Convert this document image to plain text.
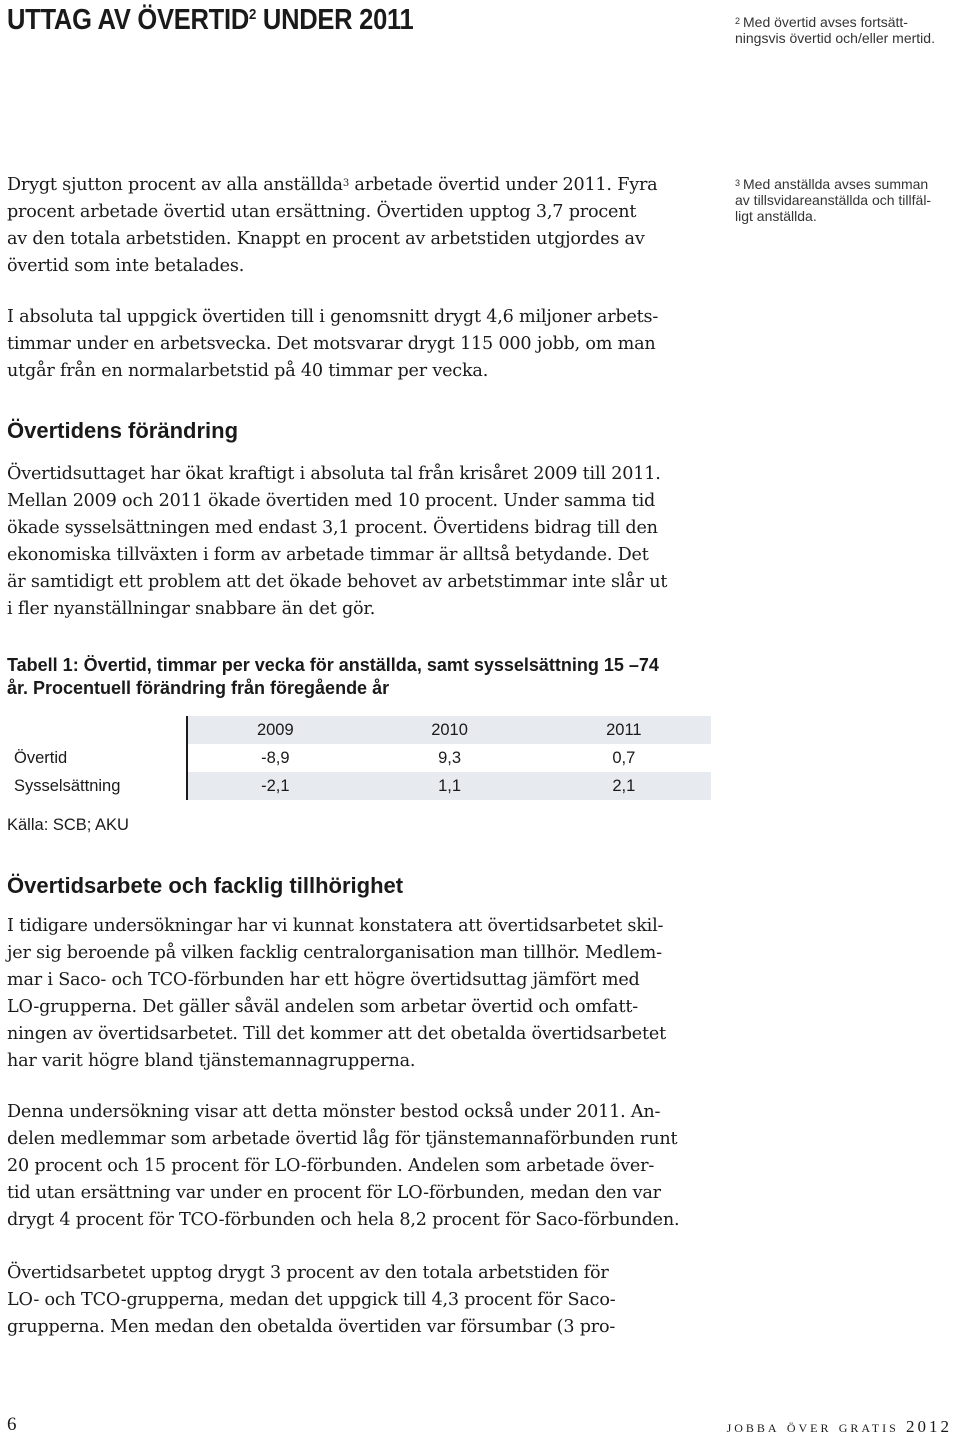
UTTAG AV ÖVERTID$^2$ UNDER 2011	$^2$ Med övertid avses fortsätt-
ningsvis övertid och/eller mertid.
$^3$ Med anställda avses summan
av tillsvidareanställda och tillfäl-
ligt anställda.
Drygt sjutton procent av alla anställda$^3$ arbetade övertid under 2011. Fyra
procent arbetade övertid utan ersättning. Övertiden upptog 3,7 procent
av den totala arbetstiden. Knappt en procent av arbetstiden utgjordes av
övertid som inte betalades.
I absoluta tal uppgick övertiden till i genomsnitt drygt 4,6 miljoner arbets-
timmar under en arbetsvecka. Det motsvarar drygt 115 000 jobb, om man
utgår från en normalarbetstid på 40 timmar per vecka.
Övertidens förändring
Övertidsuttaget har ökat kraftigt i absoluta tal från krisåret 2009 till 2011.
Mellan 2009 och 2011 ökade övertiden med 10 procent. Under samma tid
ökade sysselsättningen med endast 3,1 procent. Övertidens bidrag till den
ekonomiska tillväxten i form av arbetade timmar är alltså betydande. Det
är samtidigt ett problem att det ökade behovet av arbetstimmar inte slår ut
i fler nyanställningar snabbare än det gör.
Tabell 1: Övertid, timmar per vecka för anställda, samt sysselsättning 15 –74
år. Procentuell förändring från föregående år
	2009	2010	2011
Övertid	-8,9	9,3	0,7
Sysselsättning	-2,1	1,1	2,1

Källa: SCB; AKU

Övertidsarbete och facklig tillhörighet
I tidigare undersökningar har vi kunnat konstatera att övertidsarbetet skil-
jer sig beroende på vilken facklig centralorganisation man tillhör. Medlem-
mar i Saco- och TCO-förbunden har ett högre övertidsuttag jämfört med
LO-grupperna. Det gäller såväl andelen som arbetar övertid och omfatt-
ningen av övertidsarbetet. Till det kommer att det obetalda övertidsarbetet
har varit högre bland tjänstemannagrupperna.
Denna undersökning visar att detta mönster bestod också under 2011. An-
delen medlemmar som arbetade övertid låg för tjänstemannaförbunden runt
20 procent och 15 procent för LO-förbunden. Andelen som arbetade över-
tid utan ersättning var under en procent för LO-förbunden, medan den var
drygt 4 procent för TCO-förbunden och hela 8,2 procent för Saco-förbunden.
Övertidsarbetet upptog drygt 3 procent av den totala arbetstiden för
LO- och TCO-grupperna, medan det uppgick till 4,3 procent för Saco-
grupperna. Men medan den obetalda övertiden var försumbar (3 pro-
6	jobba över gratis 2012
